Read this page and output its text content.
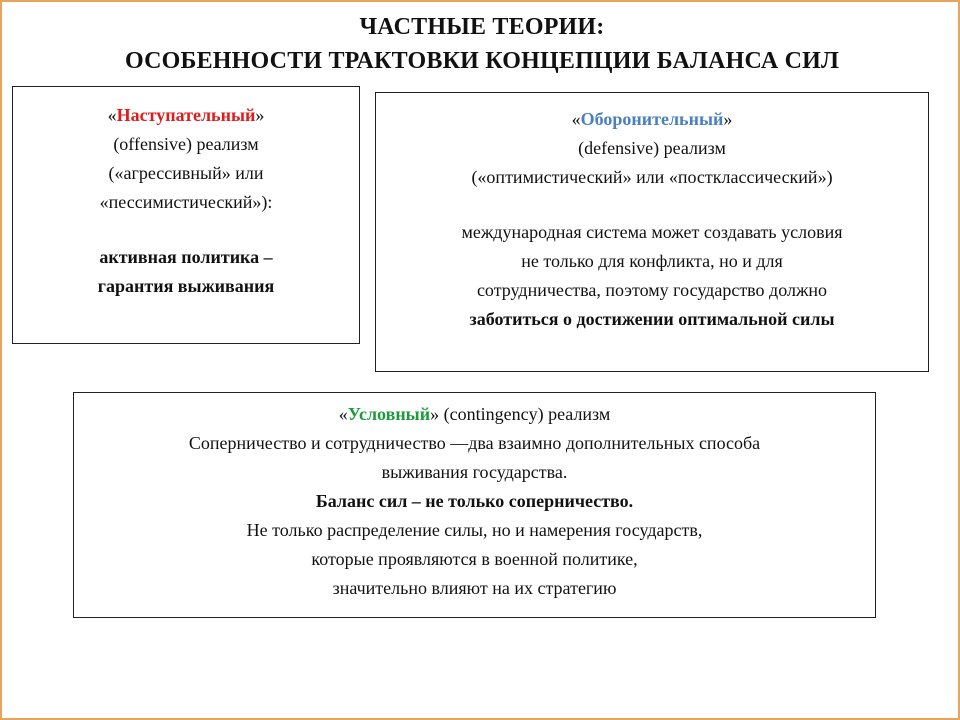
ЧАСТНЫЕ ТЕОРИИ:
ОСОБЕННОСТИ ТРАКТОВКИ КОНЦЕПЦИИ БАЛАНСА СИЛ
«Наступательный»
(offensive) реализм
(«агрессивный» или
«пессимистический»):
активная политика –
гарантия выживания
«Оборонительный»
(defensive) реализм
(«оптимистический» или «постклассический»)
международная система может создавать условия
не только для конфликта, но и для
сотрудничества, поэтому государство должно
заботиться о достижении оптимальной силы
«Условный» (contingency) реализм
Соперничество и сотрудничество —два взаимно дополнительных способа
выживания государства.
Баланс сил – не только соперничество.
Не только распределение силы, но и намерения государств,
которые проявляются в военной политике,
значительно влияют на их стратегию
